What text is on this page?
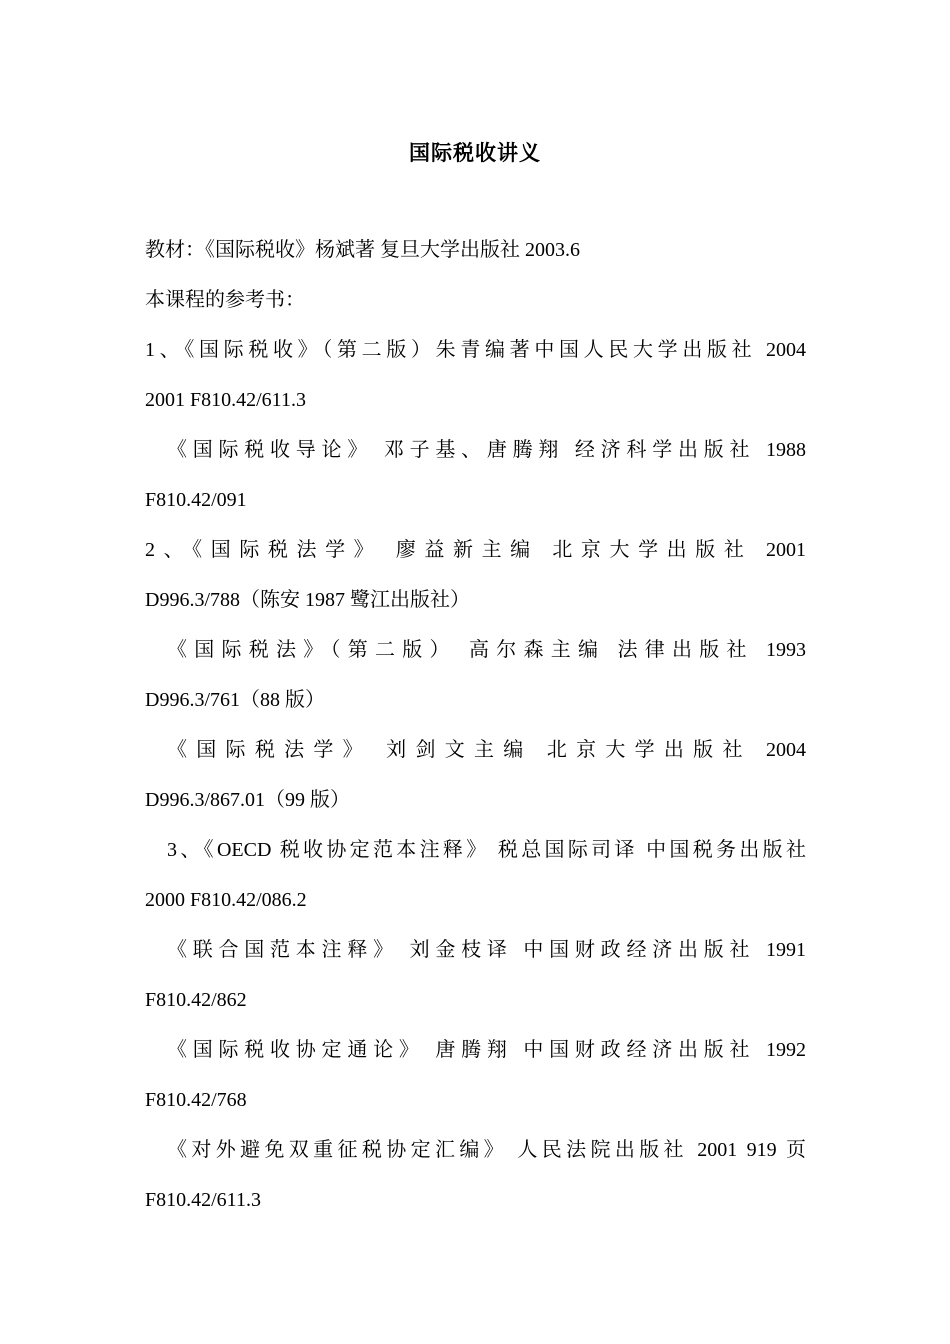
国际税收讲义
教材：《国际税收》杨斌著 复旦大学出版社 2003.6
本课程的参考书：
1、《国际税收》（第二版）朱青编著中国人民大学出版社 2004
2001 F810.42/611.3
《国际税收导论》 邓子基、唐腾翔 经济科学出版社 1988
F810.42/091
2、《国际税法学》 廖益新主编 北京大学出版社 2001
D996.3/788（陈安 1987 鹭江出版社）
《国际税法》（第二版） 高尔森主编 法律出版社 1993
D996.3/761（88 版）
《国际税法学》 刘剑文主编 北京大学出版社 2004
D996.3/867.01（99 版）
3、《OECD 税收协定范本注释》 税总国际司译 中国税务出版社
2000 F810.42/086.2
《联合国范本注释》 刘金枝译 中国财政经济出版社 1991
F810.42/862
《国际税收协定通论》 唐腾翔 中国财政经济出版社 1992
F810.42/768
《对外避免双重征税协定汇编》 人民法院出版社 2001 919 页
F810.42/611.3
